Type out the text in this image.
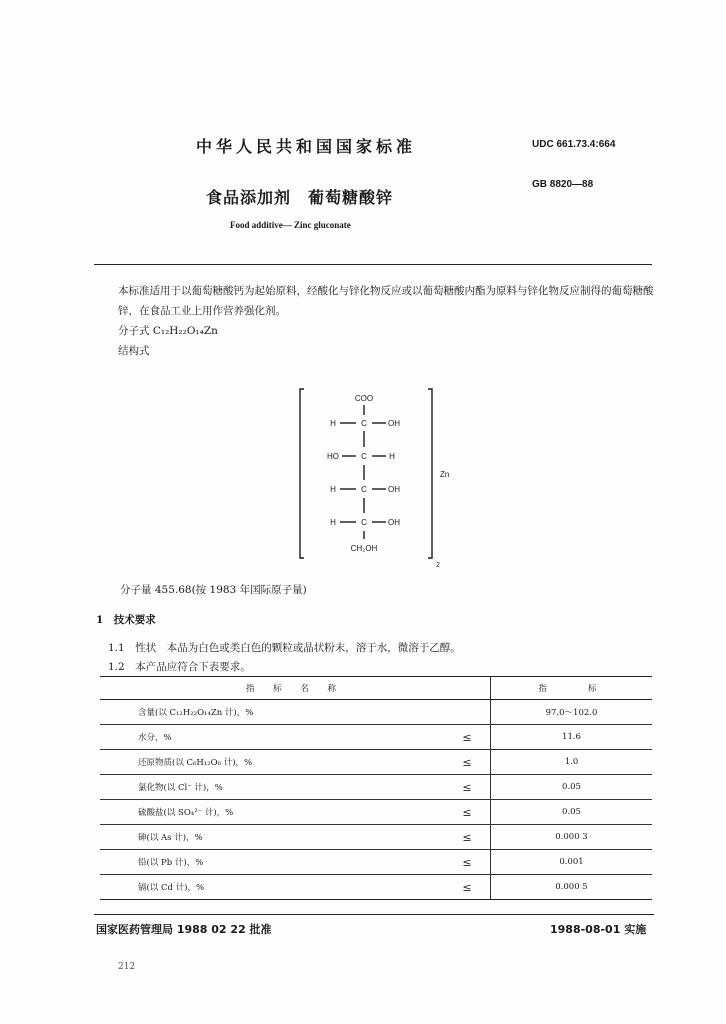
中华人民共和国国家标准	UDC 661.73.4:664
GB 8820—88
食品添加剂　葡萄糖酸锌
Food additive— Zinc gluconate
本标准适用于以葡萄糖酸钙为起始原料，经酸化与锌化物反应或以葡萄糖酸内酯为原料与锌化物反应制得的葡萄糖酸锌，在食品工业上用作营养强化剂。
分子式 C₁₂H₂₂O₁₄Zn
结构式
COO
H	C	OH
HO	C	H
H	C	OH
H	C	OH
CH₂OH
Zn
2
分子量 455.68(按 1983 年国际原子量)
1　技术要求
1.1　性状　本品为白色或类白色的颗粒或晶状粉末，溶于水，微溶于乙醇。
1.2　本产品应符合下表要求。
指 标 名 称		指　　标
含量(以 C₁₂H₂₂O₁₄Zn 计)，%		97.0～102.0
水分，%	≤	11.6
还原物质(以 C₆H₁₂O₆ 计)，%	≤	1.0
氯化物(以 Cl⁻ 计)，%	≤	0.05
硫酸盐(以 SO₄²⁻ 计)，%	≤	0.05
砷(以 As 计)，%	≤	0.000 3
铅(以 Pb 计)，%	≤	0.001
镉(以 Cd 计)，%	≤	0.000 5
国家医药管理局 1988 02 22 批准	1988-08-01 实施
212
